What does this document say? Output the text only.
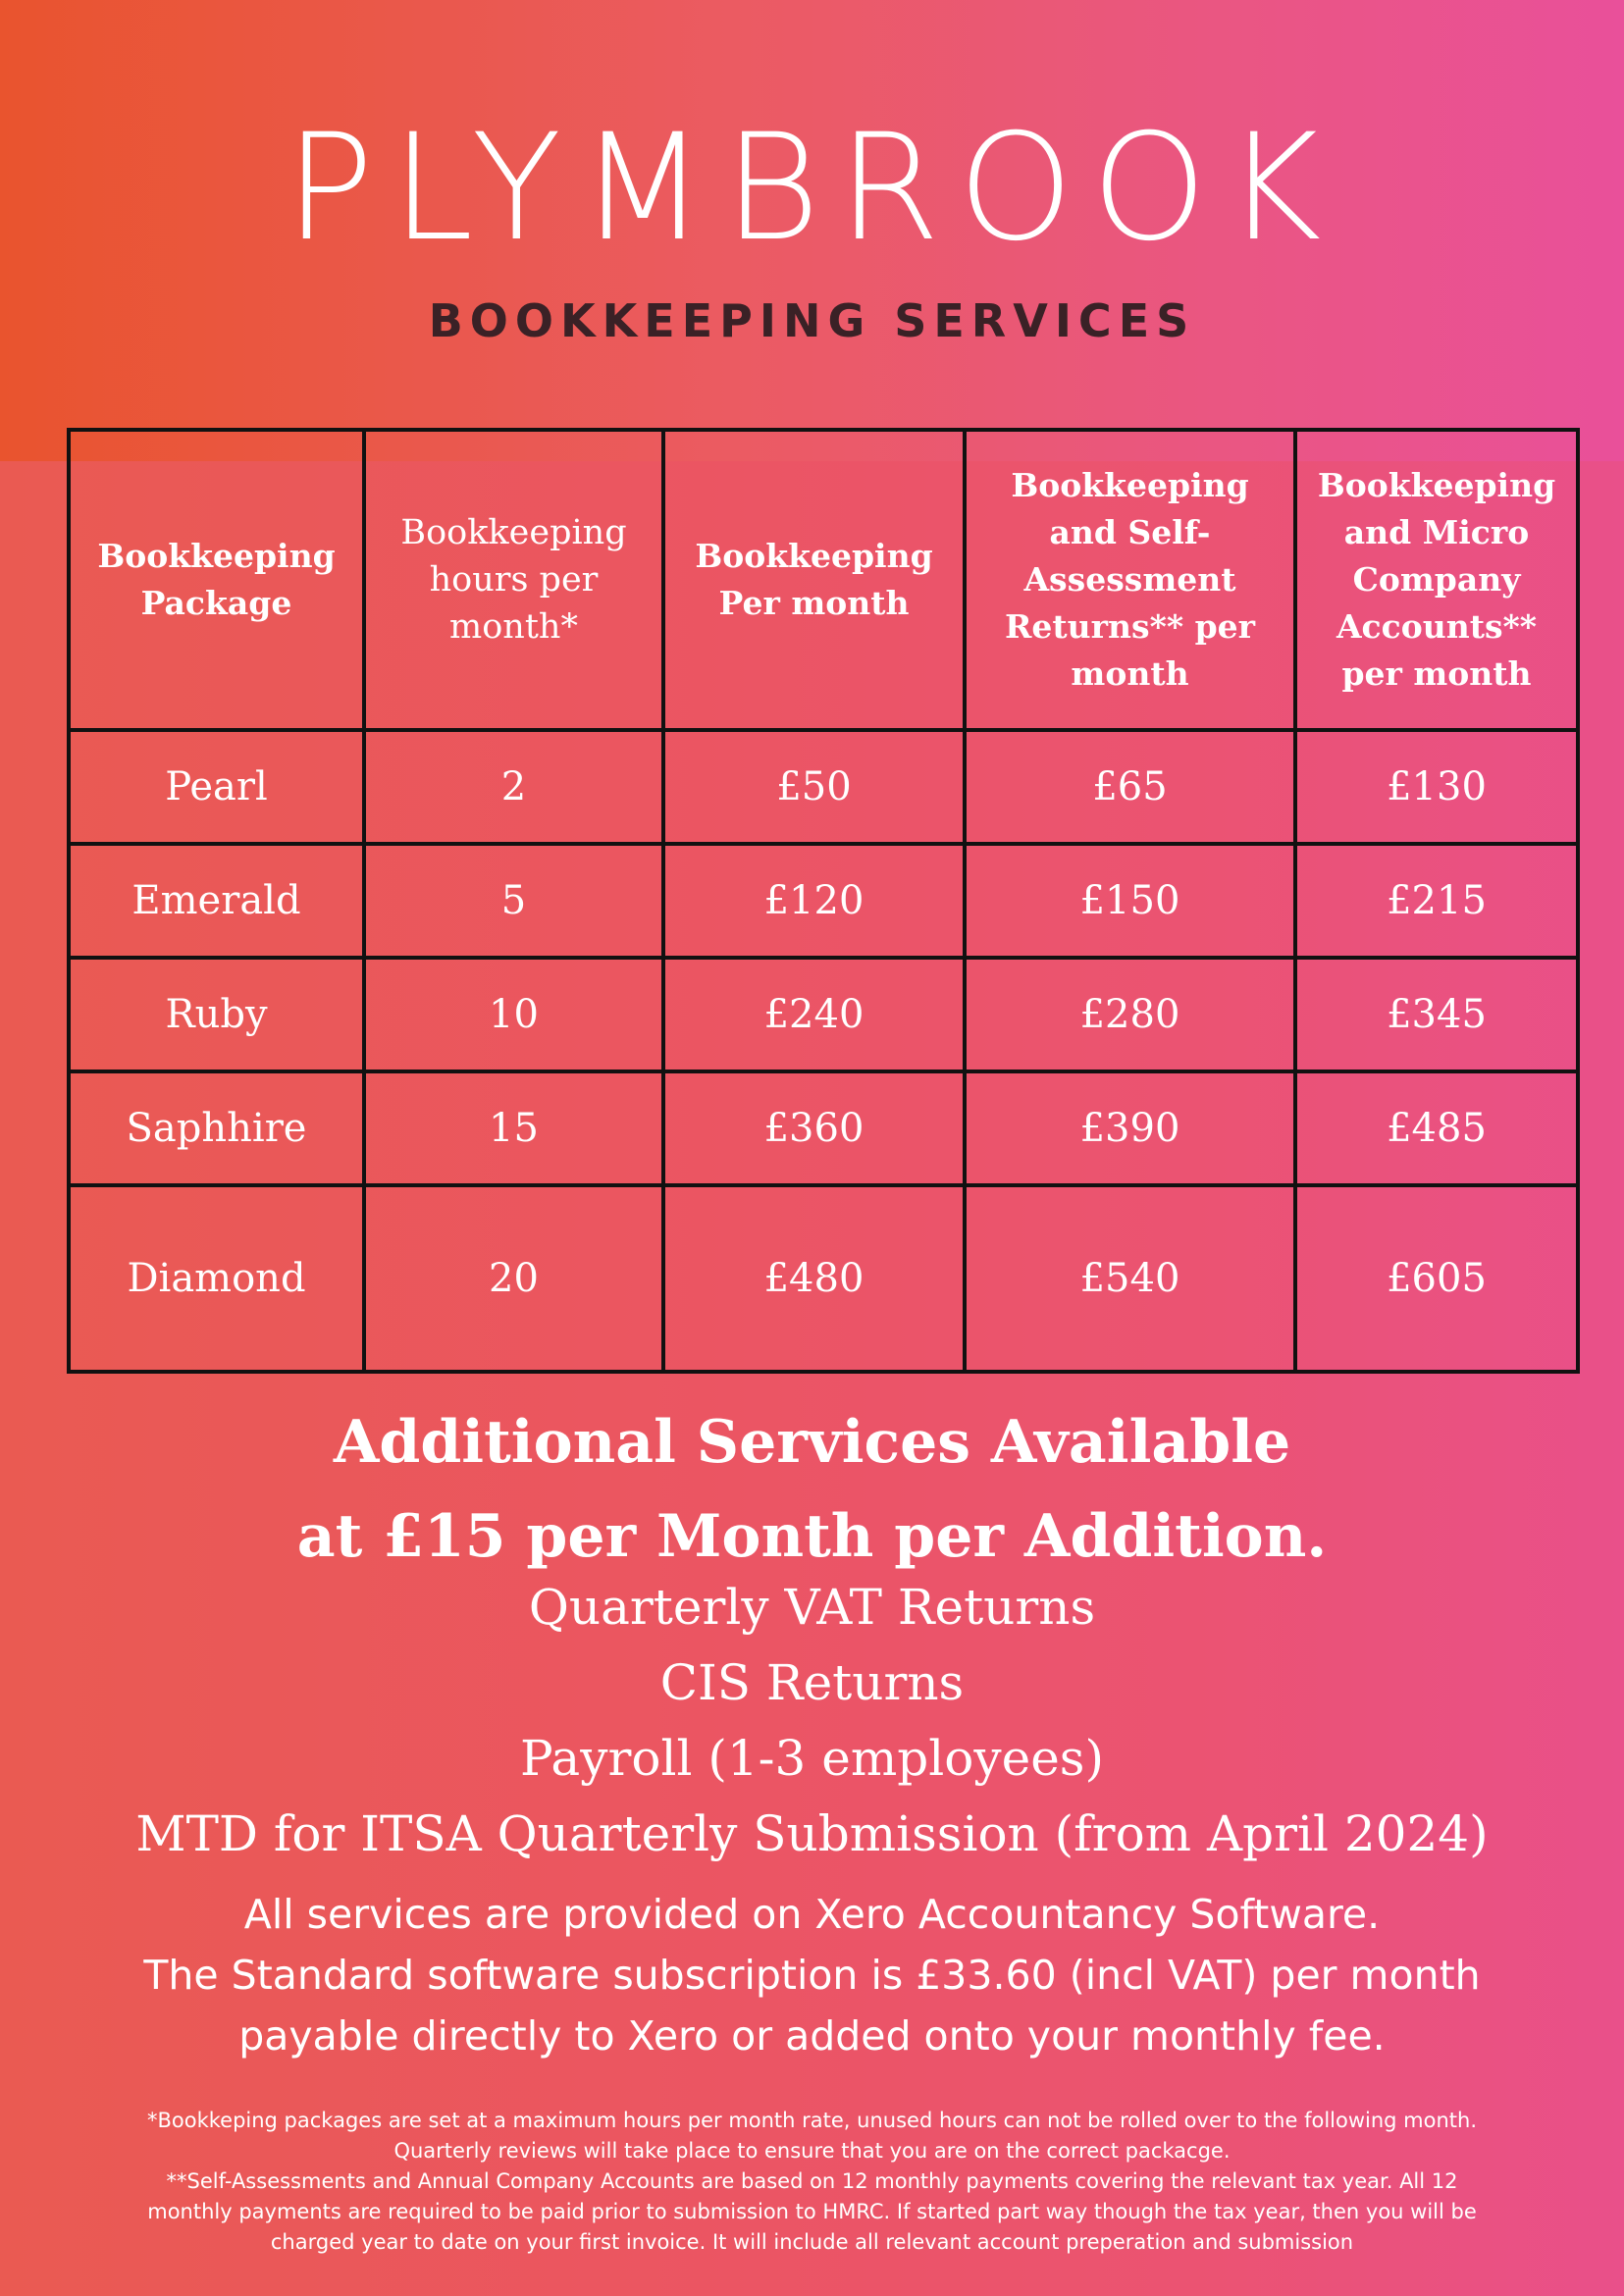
PLYMBROOK
BOOKKEEPING SERVICES
Bookkeeping Package	Bookkeeping hours per month*	Bookkeeping Per month	Bookkeeping and Self-Assessment Returns** per month	Bookkeeping and Micro Company Accounts** per month
Pearl	2	£50	£65	£130
Emerald	5	£120	£150	£215
Ruby	10	£240	£280	£345
Saphhire	15	£360	£390	£485
Diamond	20	£480	£540	£605
Additional Services Available
at £15 per Month per Addition.
Quarterly VAT Returns
CIS Returns
Payroll (1-3 employees)
MTD for ITSA Quarterly Submission (from April 2024)
All services are provided on Xero Accountancy Software.
The Standard software subscription is £33.60 (incl VAT) per month
payable directly to Xero or added onto your monthly fee.
*Bookkeping packages are set at a maximum hours per month rate, unused hours can not be rolled over to the following month.
Quarterly reviews will take place to ensure that you are on the correct packacge.
**Self-Assessments and Annual Company Accounts are based on 12 monthly payments covering the relevant tax year. All 12
monthly payments are required to be paid prior to submission to HMRC. If started part way though the tax year, then you will be
charged year to date on your first invoice. It will include all relevant account preperation and submission
